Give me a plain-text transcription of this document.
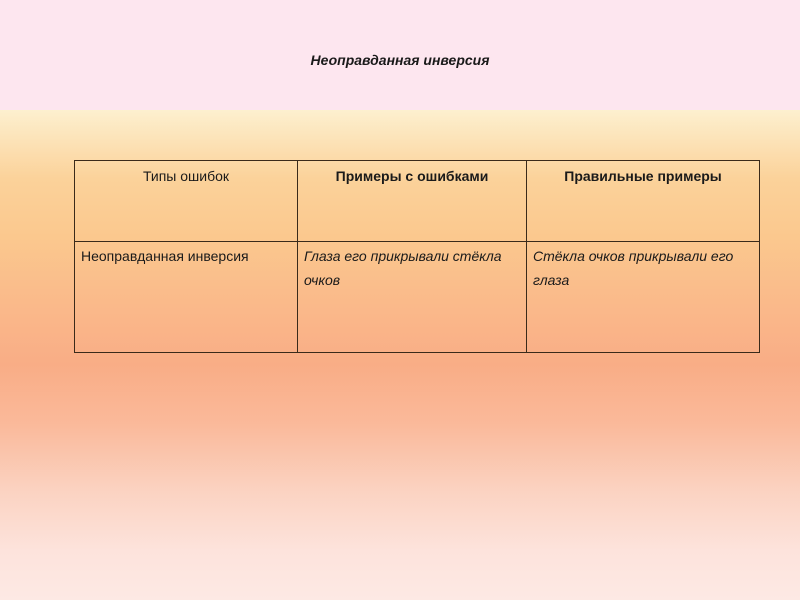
Неоправданная инверсия
Типы ошибок	Примеры с ошибками	Правильные примеры
Неоправданная инверсия	Глаза его прикрывали стёкла очков	Стёкла очков прикрывали его глаза
